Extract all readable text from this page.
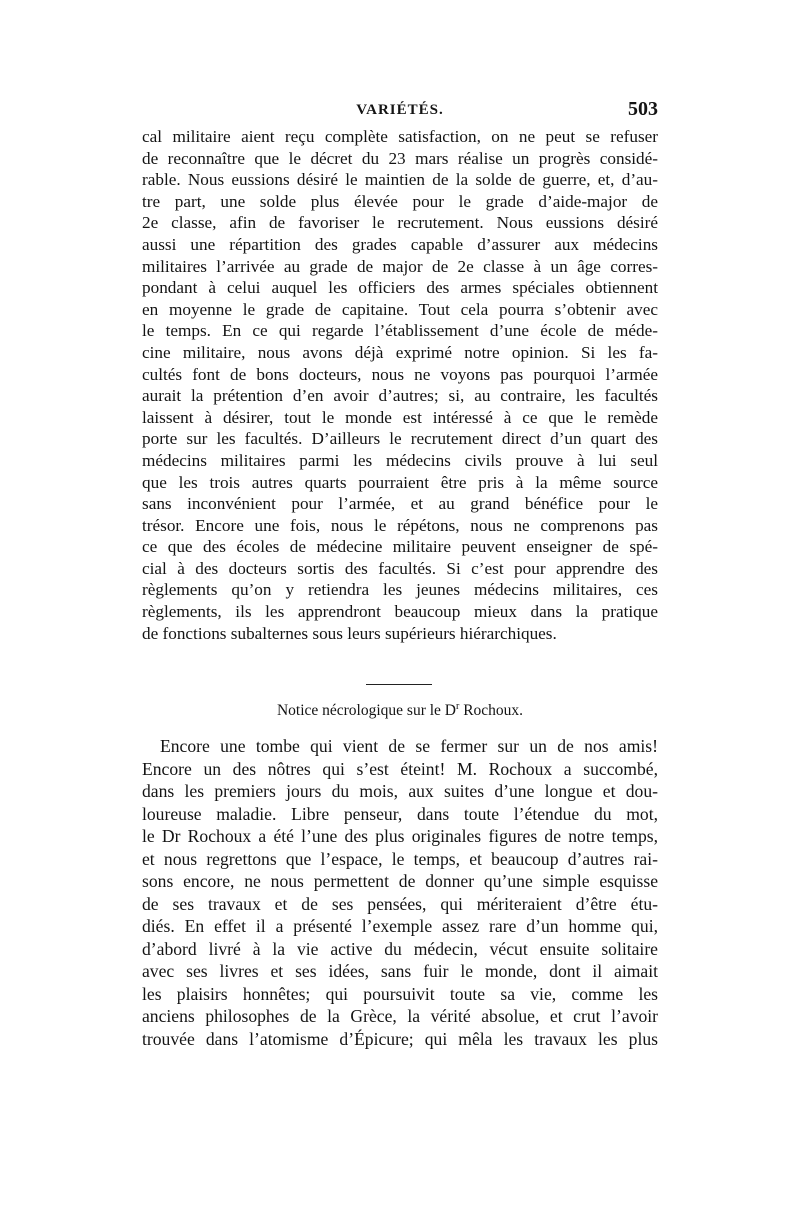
VARIÉTÉS.	503
cal militaire aient reçu complète satisfaction, on ne peut se refuser
de reconnaître que le décret du 23 mars réalise un progrès considé-
rable. Nous eussions désiré le maintien de la solde de guerre, et, d’au-
tre part, une solde plus élevée pour le grade d’aide-major de
2e classe, afin de favoriser le recrutement. Nous eussions désiré
aussi une répartition des grades capable d’assurer aux médecins
militaires l’arrivée au grade de major de 2e classe à un âge corres-
pondant à celui auquel les officiers des armes spéciales obtiennent
en moyenne le grade de capitaine. Tout cela pourra s’obtenir avec
le temps. En ce qui regarde l’établissement d’une école de méde-
cine militaire, nous avons déjà exprimé notre opinion. Si les fa-
cultés font de bons docteurs, nous ne voyons pas pourquoi l’armée
aurait la prétention d’en avoir d’autres; si, au contraire, les facultés
laissent à désirer, tout le monde est intéressé à ce que le remède
porte sur les facultés. D’ailleurs le recrutement direct d’un quart des
médecins militaires parmi les médecins civils prouve à lui seul
que les trois autres quarts pourraient être pris à la même source
sans inconvénient pour l’armée, et au grand bénéfice pour le
trésor. Encore une fois, nous le répétons, nous ne comprenons pas
ce que des écoles de médecine militaire peuvent enseigner de spé-
cial à des docteurs sortis des facultés. Si c’est pour apprendre des
règlements qu’on y retiendra les jeunes médecins militaires, ces
règlements, ils les apprendront beaucoup mieux dans la pratique
de fonctions subalternes sous leurs supérieurs hiérarchiques.
Notice nécrologique sur le $D^r$ Rochoux.
Encore une tombe qui vient de se fermer sur un de nos amis!
Encore un des nôtres qui s’est éteint! M. Rochoux a succombé,
dans les premiers jours du mois, aux suites d’une longue et dou-
loureuse maladie. Libre penseur, dans toute l’étendue du mot,
le Dr Rochoux a été l’une des plus originales figures de notre temps,
et nous regrettons que l’espace, le temps, et beaucoup d’autres rai-
sons encore, ne nous permettent de donner qu’une simple esquisse
de ses travaux et de ses pensées, qui mériteraient d’être étu-
diés. En effet il a présenté l’exemple assez rare d’un homme qui,
d’abord livré à la vie active du médecin, vécut ensuite solitaire
avec ses livres et ses idées, sans fuir le monde, dont il aimait
les plaisirs honnêtes; qui poursuivit toute sa vie, comme les
anciens philosophes de la Grèce, la vérité absolue, et crut l’avoir
trouvée dans l’atomisme d’Épicure; qui mêla les travaux les plus
